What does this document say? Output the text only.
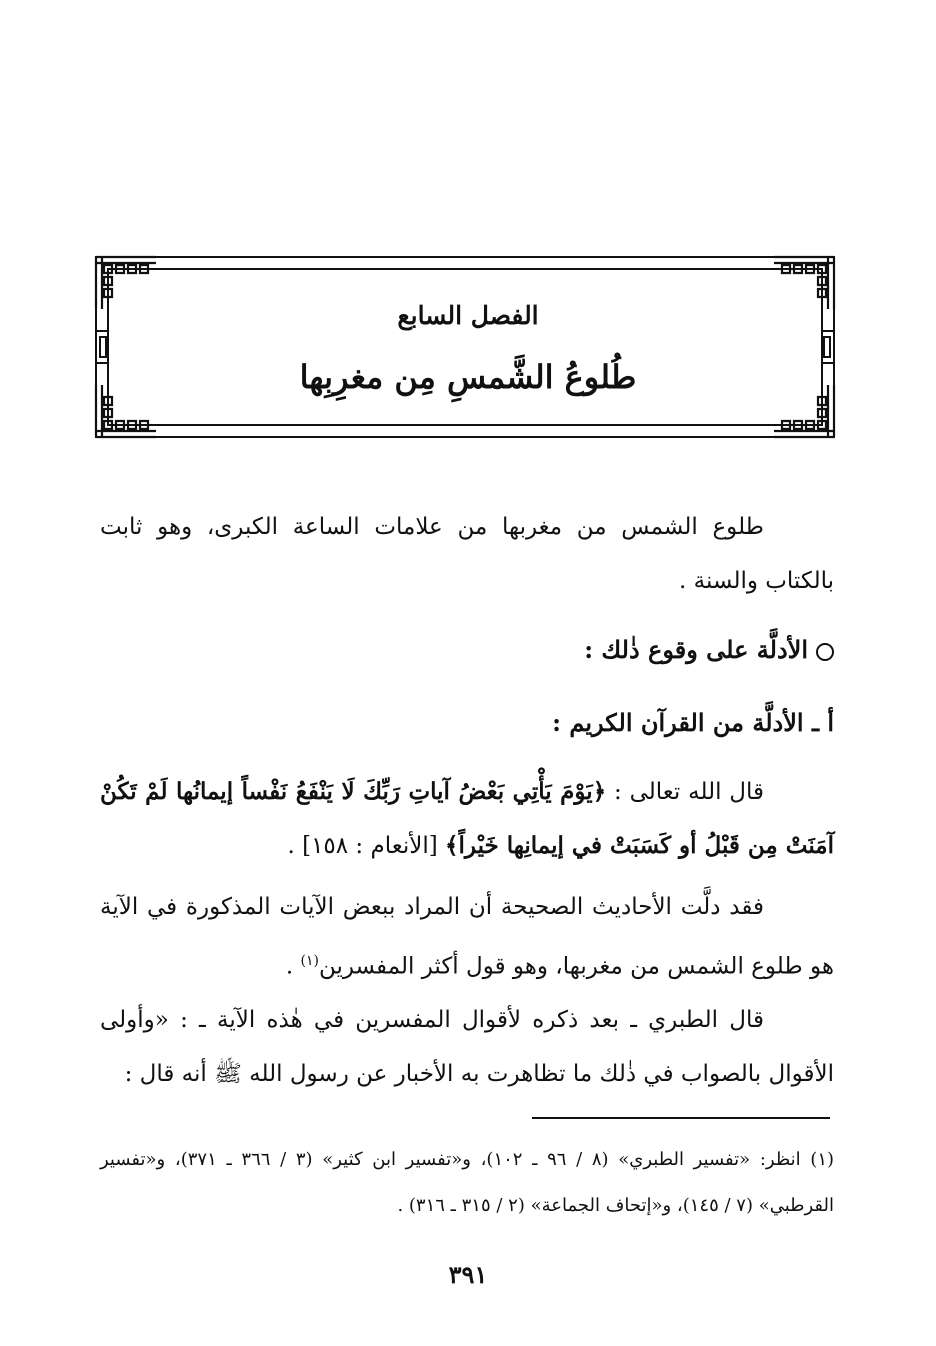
الفصل السابع
طُلوعُ الشَّمسِ مِن مغرِبِها
طلوع الشمس من مغربها من علامات الساعة الكبرى، وهو ثابت بالكتاب والسنة .
الأدلَّة على وقوع ذٰلك :
أ ـ الأدلَّة من القرآن الكريم :
قال الله تعالى : ﴿يَوْمَ يَأْتِي بَعْضُ آياتِ رَبِّكَ لَا يَنْفَعُ نَفْساً إيمانُها لَمْ تَكُنْ آمَنَتْ مِن قَبْلُ أو كَسَبَتْ في إيمانِها خَيْراً﴾ [الأنعام : ١٥٨] .
فقد دلَّت الأحاديث الصحيحة أن المراد ببعض الآيات المذكورة في الآية هو طلوع الشمس من مغربها، وهو قول أكثر المفسرين$^{(١)}$ .
قال الطبري ـ بعد ذكره لأقوال المفسرين في هٰذه الآية ـ : «وأولى الأقوال بالصواب في ذٰلك ما تظاهرت به الأخبار عن رسول الله ﷺ أنه قال :
(١) انظر: «تفسير الطبري» (٨ / ٩٦ ـ ١٠٢)، و«تفسير ابن كثير» (٣ / ٣٦٦ ـ ٣٧١)، و«تفسير القرطبي» (٧ / ١٤٥)، و«إتحاف الجماعة» (٢ / ٣١٥ ـ ٣١٦) .
٣٩١
